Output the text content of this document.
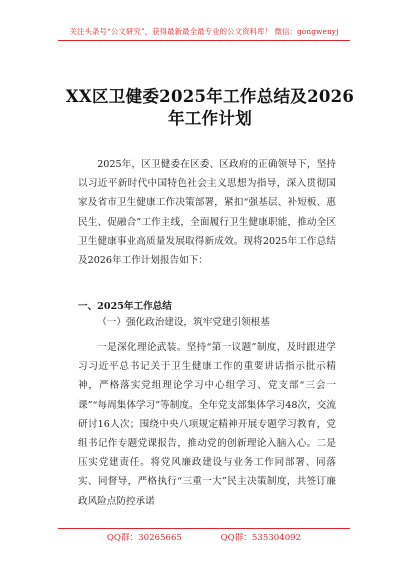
关注头条号“公文研究”，获得最新最全最专业的公文资料库！ 微信：gongwenyj
XX区卫健委2025年工作总结及2026年工作计划

2025年，区卫健委在区委、区政府的正确领导下，坚持以习近平新时代中国特色社会主义思想为指导，深入贯彻国家及省市卫生健康工作决策部署，紧扣“强基层、补短板、惠民生、促融合”工作主线，全面履行卫生健康职能，推动全区卫生健康事业高质量发展取得新成效。现将2025年工作总结及2026年工作计划报告如下：

一、2025年工作总结

（一）强化政治建设，筑牢党建引领根基

一是深化理论武装。坚持“第一议题”制度，及时跟进学习习近平总书记关于卫生健康工作的重要讲话指示批示精神，严格落实党组理论学习中心组学习、党支部“三会一课”“每周集体学习”等制度。全年党支部集体学习48次，交流研讨16人次；围绕中央八项规定精神开展专题学习教育，党组书记作专题党课报告，推动党的创新理论入脑入心。二是压实党建责任。将党风廉政建设与业务工作同部署、同落实、同督导，严格执行“三重一大”民主决策制度，共签订廉政风险点防控承诺

QQ群：30265665	QQ群：535304092
